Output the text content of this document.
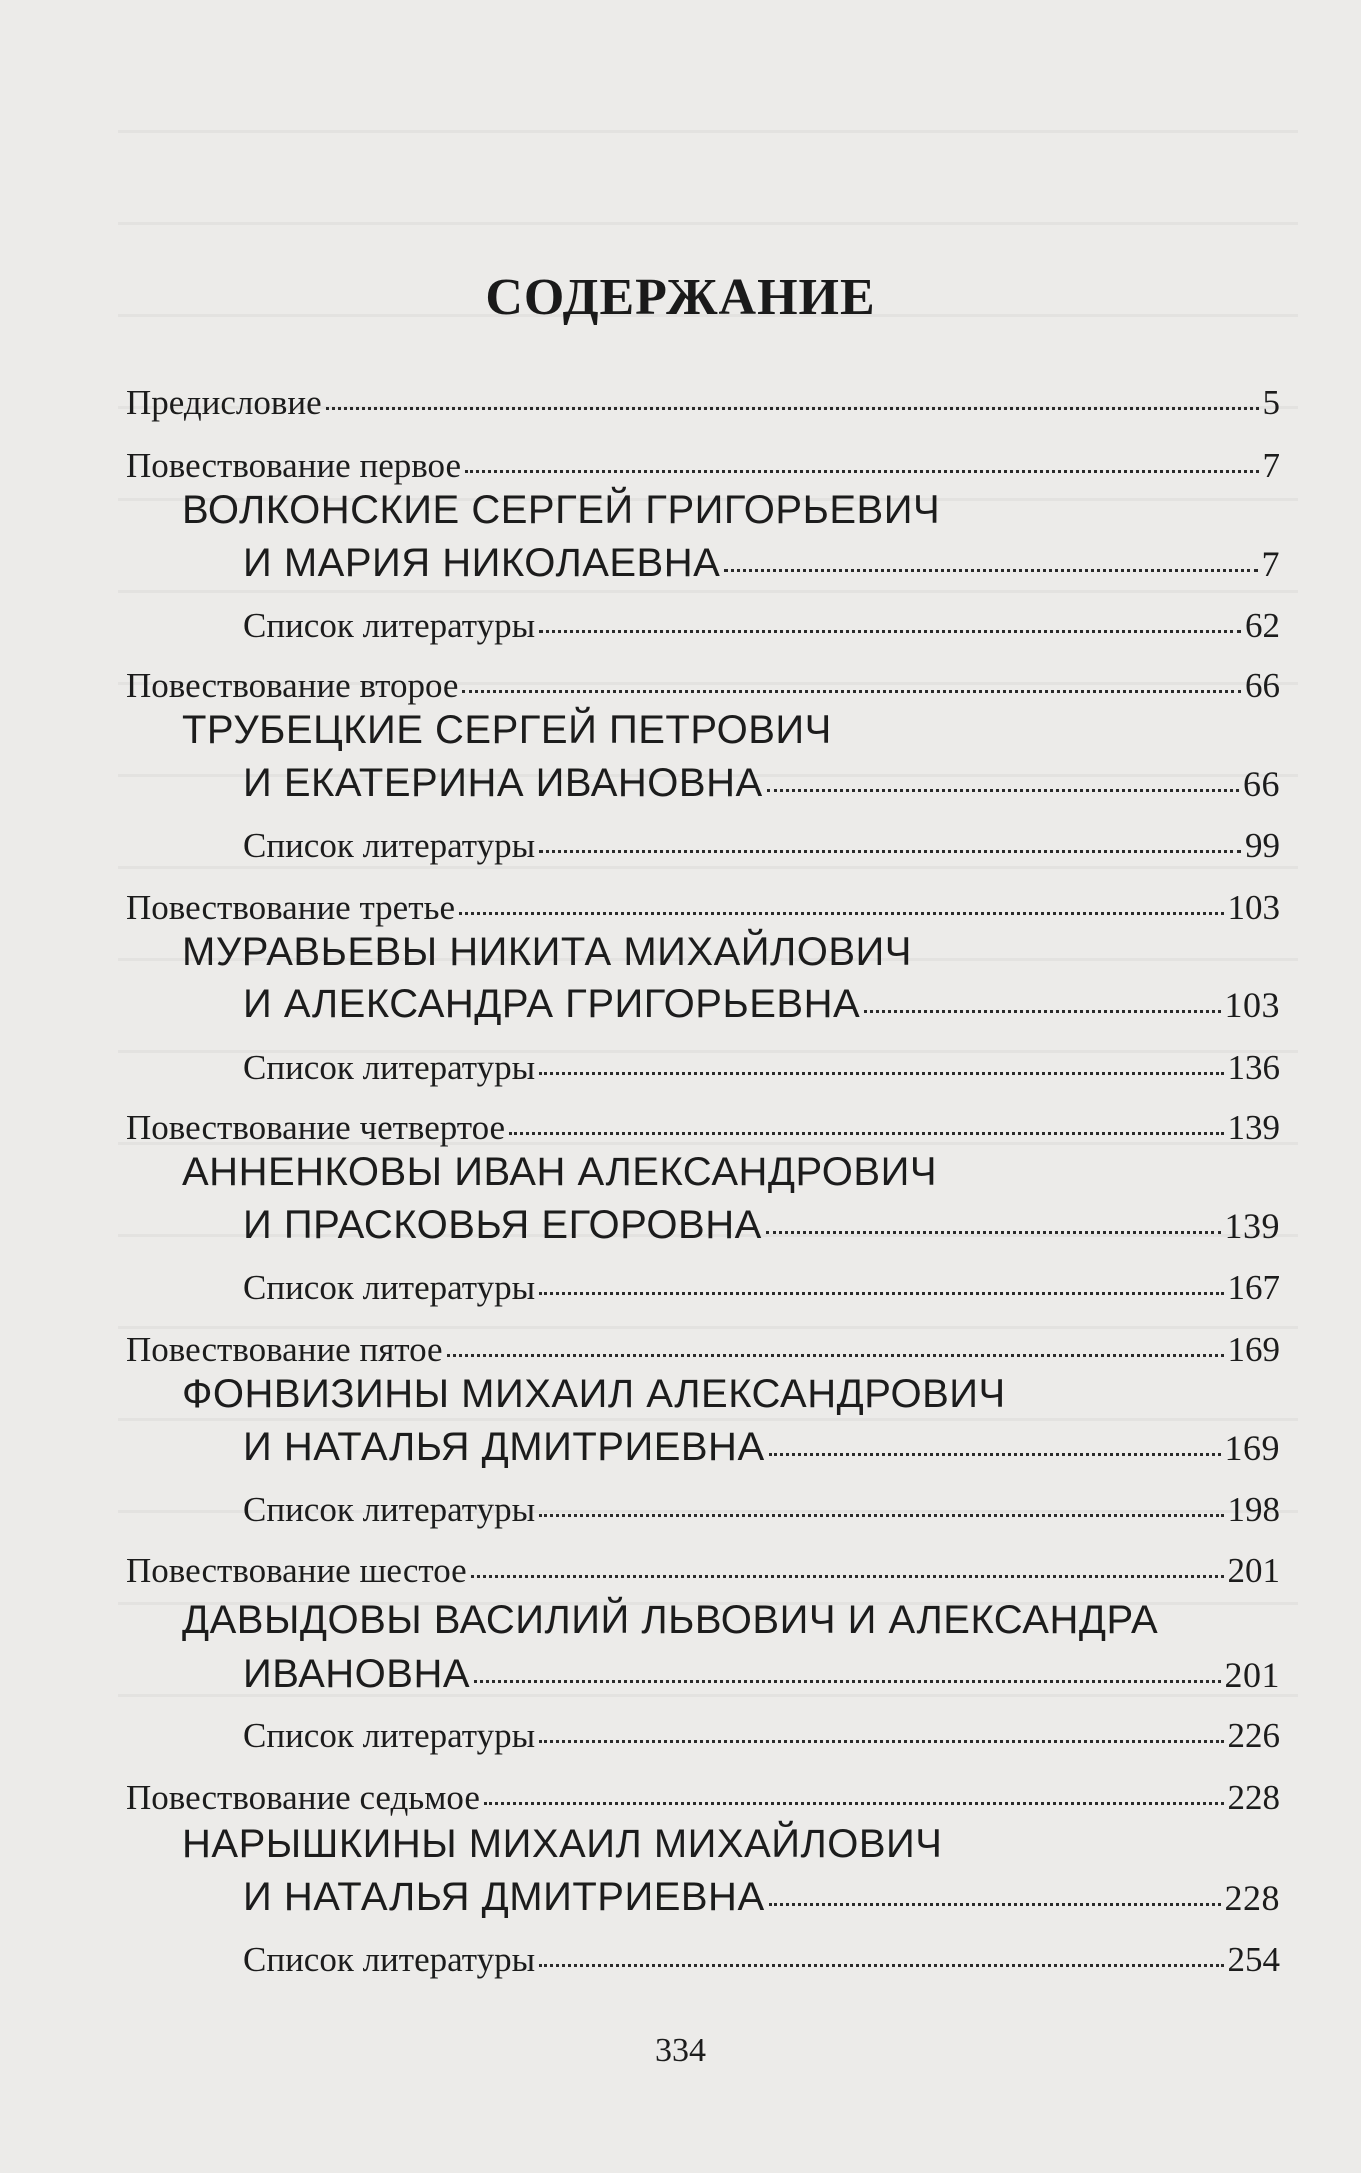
СОДЕРЖАНИЕ
Предисловие	5
Повествование первое	7
ВОЛКОНСКИЕ СЕРГЕЙ ГРИГОРЬЕВИЧ
И МАРИЯ НИКОЛАЕВНА	7
Список литературы	62
Повествование второе	66
ТРУБЕЦКИЕ СЕРГЕЙ ПЕТРОВИЧ
И ЕКАТЕРИНА ИВАНОВНА	66
Список литературы	99
Повествование третье	103
МУРАВЬЕВЫ НИКИТА МИХАЙЛОВИЧ
И АЛЕКСАНДРА ГРИГОРЬЕВНА	103
Список литературы	136
Повествование четвертое	139
АННЕНКОВЫ ИВАН АЛЕКСАНДРОВИЧ
И ПРАСКОВЬЯ ЕГОРОВНА	139
Список литературы	167
Повествование пятое	169
ФОНВИЗИНЫ МИХАИЛ АЛЕКСАНДРОВИЧ
И НАТАЛЬЯ ДМИТРИЕВНА	169
Список литературы	198
Повествование шестое	201
ДАВЫДОВЫ ВАСИЛИЙ ЛЬВОВИЧ И АЛЕКСАНДРА
ИВАНОВНА	201
Список литературы	226
Повествование седьмое	228
НАРЫШКИНЫ МИХАИЛ МИХАЙЛОВИЧ
И НАТАЛЬЯ ДМИТРИЕВНА	228
Список литературы	254
334
